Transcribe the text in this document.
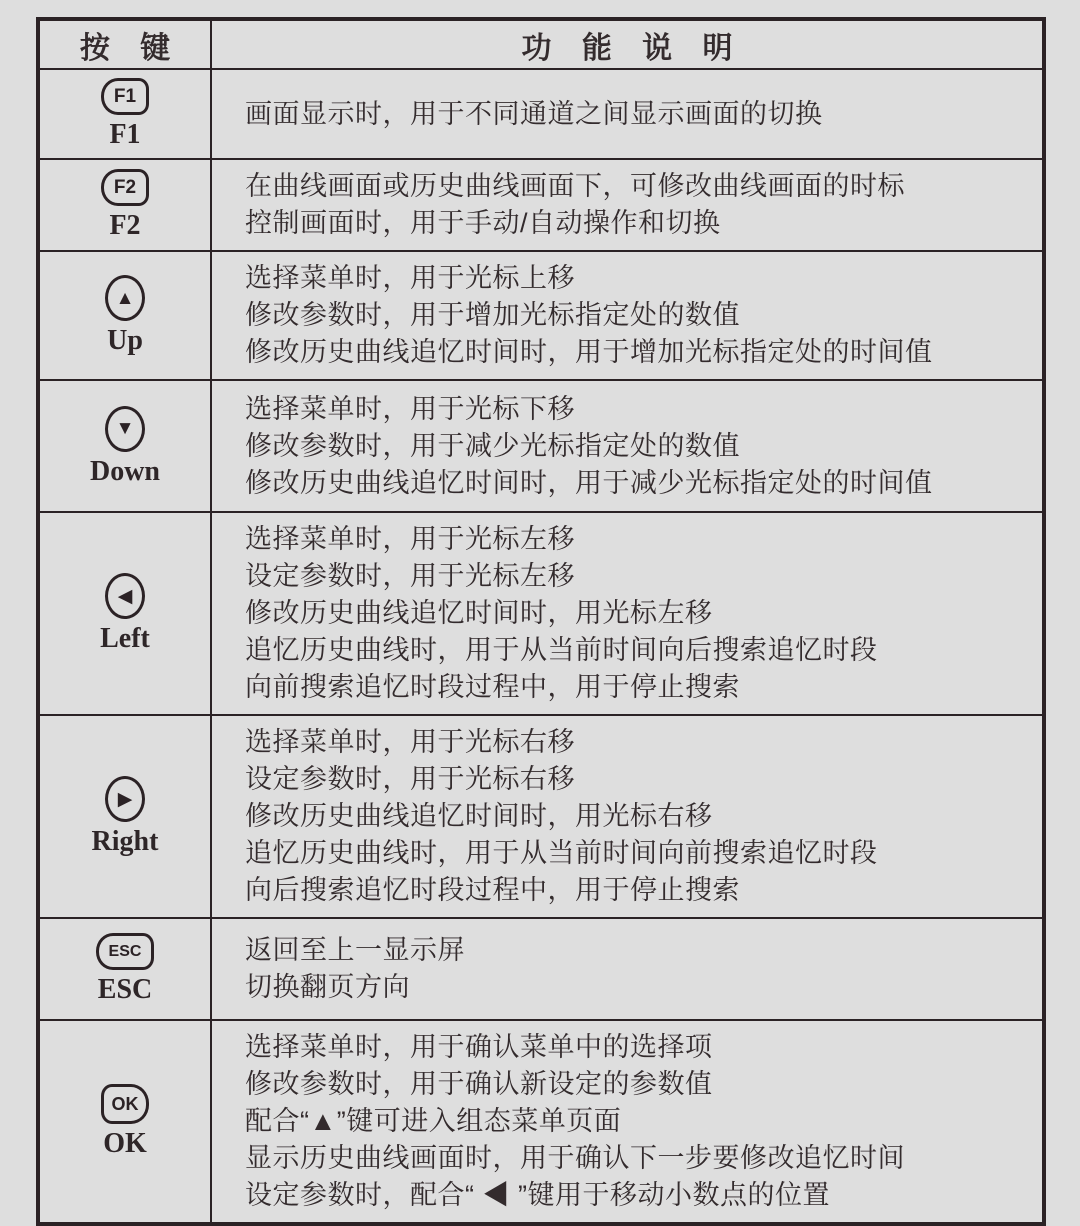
按 键	功 能 说 明
F1
F1
画面显示时，用于不同通道之间显示画面的切换
F2
F2
在曲线画面或历史曲线画面下，可修改曲线画面的时标
控制画面时，用于手动/自动操作和切换
▲
Up
选择菜单时，用于光标上移
修改参数时，用于增加光标指定处的数值
修改历史曲线追忆时间时，用于增加光标指定处的时间值
▼
Down
选择菜单时，用于光标下移
修改参数时，用于减少光标指定处的数值
修改历史曲线追忆时间时，用于减少光标指定处的时间值
◀
Left
选择菜单时，用于光标左移
设定参数时，用于光标左移
修改历史曲线追忆时间时，用光标左移
追忆历史曲线时，用于从当前时间向后搜索追忆时段
向前搜索追忆时段过程中，用于停止搜索
▶
Right
选择菜单时，用于光标右移
设定参数时，用于光标右移
修改历史曲线追忆时间时，用光标右移
追忆历史曲线时，用于从当前时间向前搜索追忆时段
向后搜索追忆时段过程中，用于停止搜索
ESC
ESC
返回至上一显示屏
切换翻页方向
OK
OK
选择菜单时，用于确认菜单中的选择项
修改参数时，用于确认新设定的参数值
配合“▲”键可进入组态菜单页面
显示历史曲线画面时，用于确认下一步要修改追忆时间
设定参数时，配合“ ◀ ”键用于移动小数点的位置
